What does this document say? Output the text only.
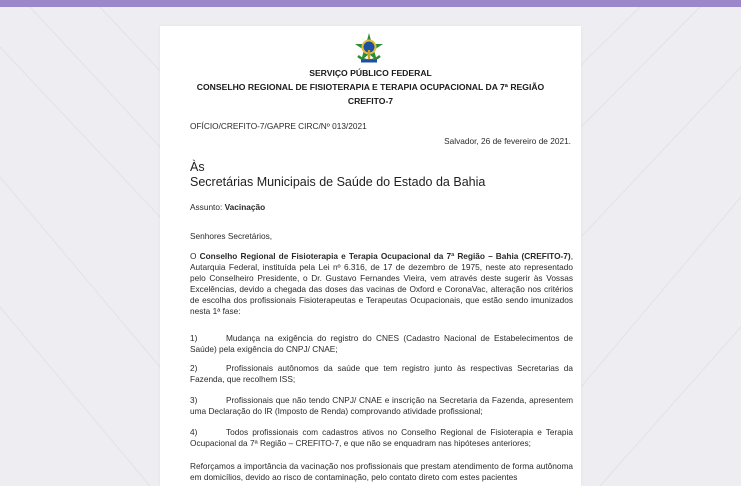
SERVIÇO PÚBLICO FEDERAL
CONSELHO REGIONAL DE FISIOTERAPIA E TERAPIA OCUPACIONAL DA 7ª REGIÃO
CREFITO-7
OFÍCIO/CREFITO-7/GAPRE CIRC/Nº 013/2021
Salvador, 26 de fevereiro de 2021.
Às
Secretárias Municipais de Saúde do Estado da Bahia
Assunto: Vacinação
Senhores Secretários,
O Conselho Regional de Fisioterapia e Terapia Ocupacional da 7ª Região – Bahia (CREFITO-7), Autarquia Federal, instituída pela Lei nº 6.316, de 17 de dezembro de 1975, neste ato representado pelo Conselheiro Presidente, o Dr. Gustavo Fernandes Vieira, vem através deste sugerir às Vossas Excelências, devido a chegada das doses das vacinas de Oxford e CoronaVac, alteração nos critérios de escolha dos profissionais Fisioterapeutas e Terapeutas Ocupacionais, que estão sendo imunizados nesta 1ª fase:
1)	Mudança na exigência do registro do CNES (Cadastro Nacional de Estabelecimentos de Saúde) pela exigência do CNPJ/ CNAE;
2)	Profissionais autônomos da saúde que tem registro junto às respectivas Secretarias da Fazenda, que recolhem ISS;
3)	Profissionais que não tendo CNPJ/ CNAE e inscrição na Secretaria da Fazenda, apresentem uma Declaração do IR (Imposto de Renda) comprovando atividade profissional;
4)	Todos profissionais com cadastros ativos no Conselho Regional de Fisioterapia e Terapia Ocupacional da 7ª Região – CREFITO-7, e que não se enquadram nas hipóteses anteriores;
Reforçamos a importância da vacinação nos profissionais que prestam atendimento de forma autônoma em domicílios, devido ao risco de contaminação, pelo contato direto com estes pacientes
